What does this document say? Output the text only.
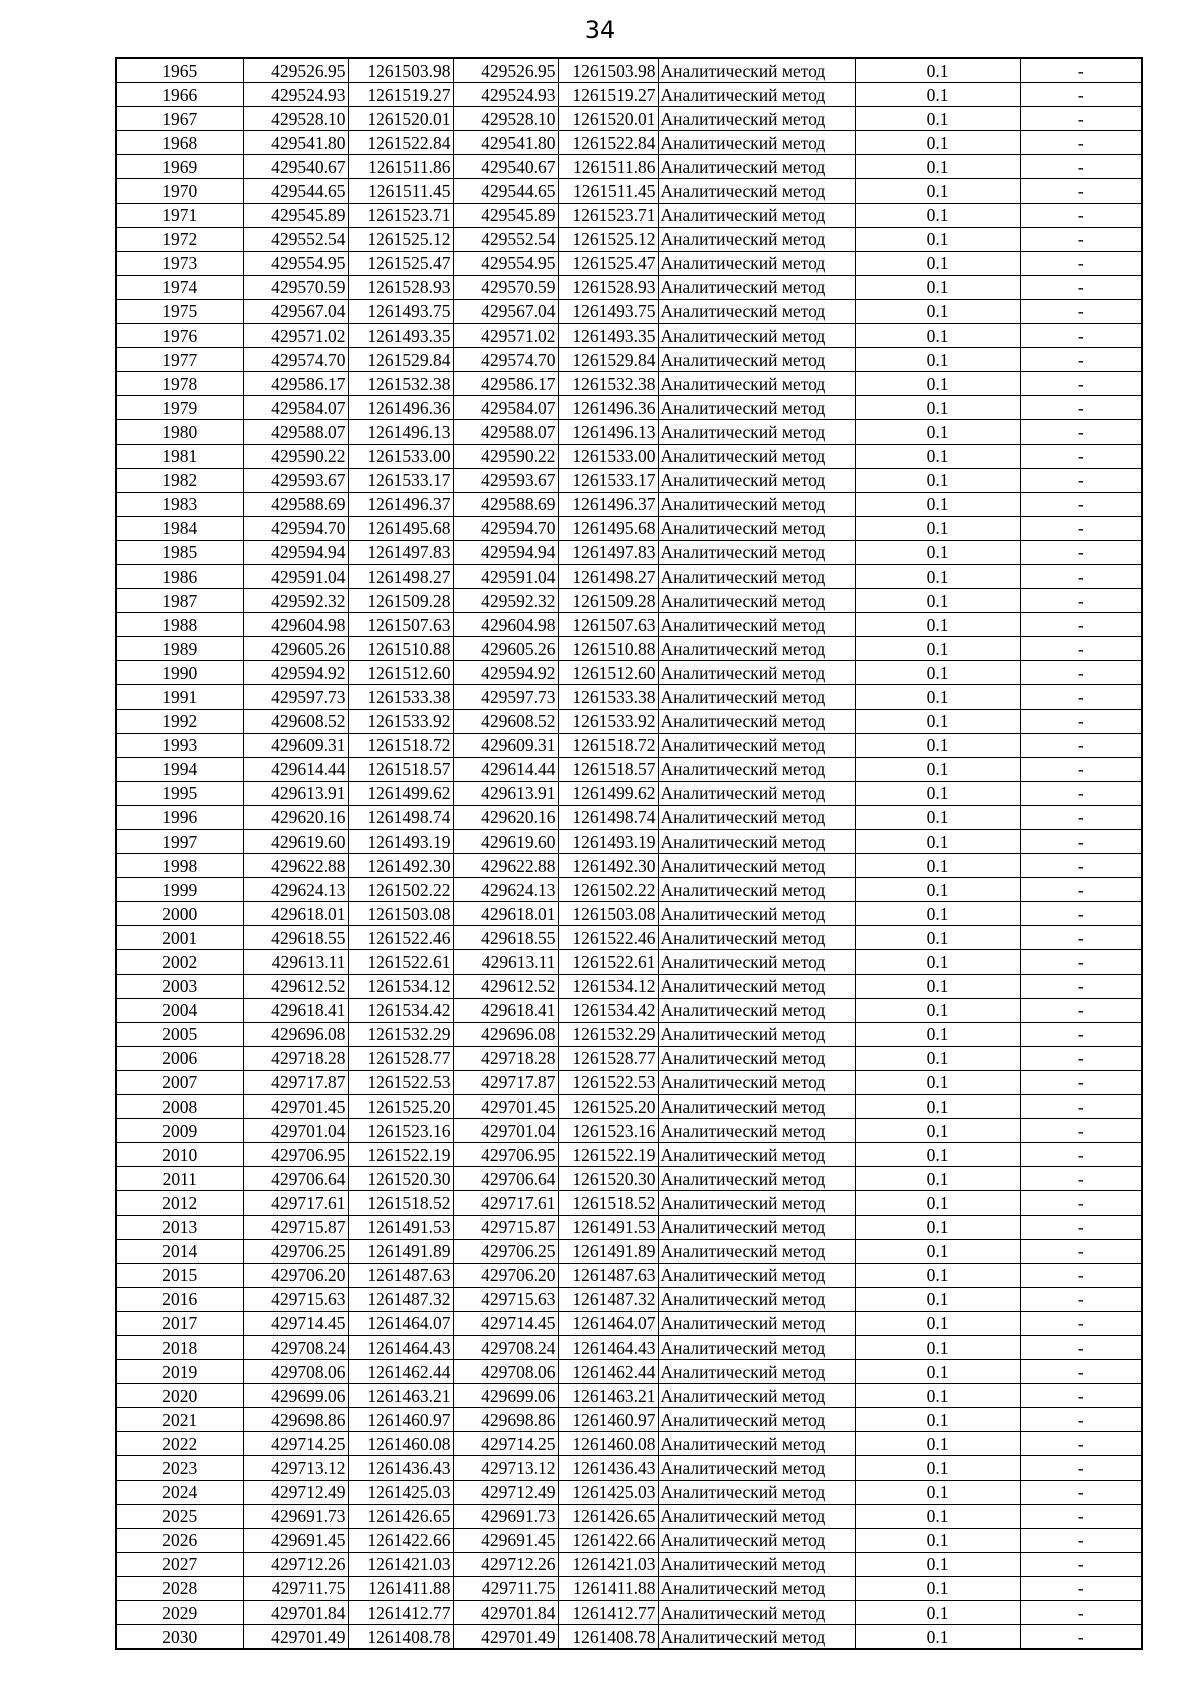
34
1965	429526.95	1261503.98	429526.95	1261503.98	Аналитический метод	0.1	-
1966	429524.93	1261519.27	429524.93	1261519.27	Аналитический метод	0.1	-
1967	429528.10	1261520.01	429528.10	1261520.01	Аналитический метод	0.1	-
1968	429541.80	1261522.84	429541.80	1261522.84	Аналитический метод	0.1	-
1969	429540.67	1261511.86	429540.67	1261511.86	Аналитический метод	0.1	-
1970	429544.65	1261511.45	429544.65	1261511.45	Аналитический метод	0.1	-
1971	429545.89	1261523.71	429545.89	1261523.71	Аналитический метод	0.1	-
1972	429552.54	1261525.12	429552.54	1261525.12	Аналитический метод	0.1	-
1973	429554.95	1261525.47	429554.95	1261525.47	Аналитический метод	0.1	-
1974	429570.59	1261528.93	429570.59	1261528.93	Аналитический метод	0.1	-
1975	429567.04	1261493.75	429567.04	1261493.75	Аналитический метод	0.1	-
1976	429571.02	1261493.35	429571.02	1261493.35	Аналитический метод	0.1	-
1977	429574.70	1261529.84	429574.70	1261529.84	Аналитический метод	0.1	-
1978	429586.17	1261532.38	429586.17	1261532.38	Аналитический метод	0.1	-
1979	429584.07	1261496.36	429584.07	1261496.36	Аналитический метод	0.1	-
1980	429588.07	1261496.13	429588.07	1261496.13	Аналитический метод	0.1	-
1981	429590.22	1261533.00	429590.22	1261533.00	Аналитический метод	0.1	-
1982	429593.67	1261533.17	429593.67	1261533.17	Аналитический метод	0.1	-
1983	429588.69	1261496.37	429588.69	1261496.37	Аналитический метод	0.1	-
1984	429594.70	1261495.68	429594.70	1261495.68	Аналитический метод	0.1	-
1985	429594.94	1261497.83	429594.94	1261497.83	Аналитический метод	0.1	-
1986	429591.04	1261498.27	429591.04	1261498.27	Аналитический метод	0.1	-
1987	429592.32	1261509.28	429592.32	1261509.28	Аналитический метод	0.1	-
1988	429604.98	1261507.63	429604.98	1261507.63	Аналитический метод	0.1	-
1989	429605.26	1261510.88	429605.26	1261510.88	Аналитический метод	0.1	-
1990	429594.92	1261512.60	429594.92	1261512.60	Аналитический метод	0.1	-
1991	429597.73	1261533.38	429597.73	1261533.38	Аналитический метод	0.1	-
1992	429608.52	1261533.92	429608.52	1261533.92	Аналитический метод	0.1	-
1993	429609.31	1261518.72	429609.31	1261518.72	Аналитический метод	0.1	-
1994	429614.44	1261518.57	429614.44	1261518.57	Аналитический метод	0.1	-
1995	429613.91	1261499.62	429613.91	1261499.62	Аналитический метод	0.1	-
1996	429620.16	1261498.74	429620.16	1261498.74	Аналитический метод	0.1	-
1997	429619.60	1261493.19	429619.60	1261493.19	Аналитический метод	0.1	-
1998	429622.88	1261492.30	429622.88	1261492.30	Аналитический метод	0.1	-
1999	429624.13	1261502.22	429624.13	1261502.22	Аналитический метод	0.1	-
2000	429618.01	1261503.08	429618.01	1261503.08	Аналитический метод	0.1	-
2001	429618.55	1261522.46	429618.55	1261522.46	Аналитический метод	0.1	-
2002	429613.11	1261522.61	429613.11	1261522.61	Аналитический метод	0.1	-
2003	429612.52	1261534.12	429612.52	1261534.12	Аналитический метод	0.1	-
2004	429618.41	1261534.42	429618.41	1261534.42	Аналитический метод	0.1	-
2005	429696.08	1261532.29	429696.08	1261532.29	Аналитический метод	0.1	-
2006	429718.28	1261528.77	429718.28	1261528.77	Аналитический метод	0.1	-
2007	429717.87	1261522.53	429717.87	1261522.53	Аналитический метод	0.1	-
2008	429701.45	1261525.20	429701.45	1261525.20	Аналитический метод	0.1	-
2009	429701.04	1261523.16	429701.04	1261523.16	Аналитический метод	0.1	-
2010	429706.95	1261522.19	429706.95	1261522.19	Аналитический метод	0.1	-
2011	429706.64	1261520.30	429706.64	1261520.30	Аналитический метод	0.1	-
2012	429717.61	1261518.52	429717.61	1261518.52	Аналитический метод	0.1	-
2013	429715.87	1261491.53	429715.87	1261491.53	Аналитический метод	0.1	-
2014	429706.25	1261491.89	429706.25	1261491.89	Аналитический метод	0.1	-
2015	429706.20	1261487.63	429706.20	1261487.63	Аналитический метод	0.1	-
2016	429715.63	1261487.32	429715.63	1261487.32	Аналитический метод	0.1	-
2017	429714.45	1261464.07	429714.45	1261464.07	Аналитический метод	0.1	-
2018	429708.24	1261464.43	429708.24	1261464.43	Аналитический метод	0.1	-
2019	429708.06	1261462.44	429708.06	1261462.44	Аналитический метод	0.1	-
2020	429699.06	1261463.21	429699.06	1261463.21	Аналитический метод	0.1	-
2021	429698.86	1261460.97	429698.86	1261460.97	Аналитический метод	0.1	-
2022	429714.25	1261460.08	429714.25	1261460.08	Аналитический метод	0.1	-
2023	429713.12	1261436.43	429713.12	1261436.43	Аналитический метод	0.1	-
2024	429712.49	1261425.03	429712.49	1261425.03	Аналитический метод	0.1	-
2025	429691.73	1261426.65	429691.73	1261426.65	Аналитический метод	0.1	-
2026	429691.45	1261422.66	429691.45	1261422.66	Аналитический метод	0.1	-
2027	429712.26	1261421.03	429712.26	1261421.03	Аналитический метод	0.1	-
2028	429711.75	1261411.88	429711.75	1261411.88	Аналитический метод	0.1	-
2029	429701.84	1261412.77	429701.84	1261412.77	Аналитический метод	0.1	-
2030	429701.49	1261408.78	429701.49	1261408.78	Аналитический метод	0.1	-
